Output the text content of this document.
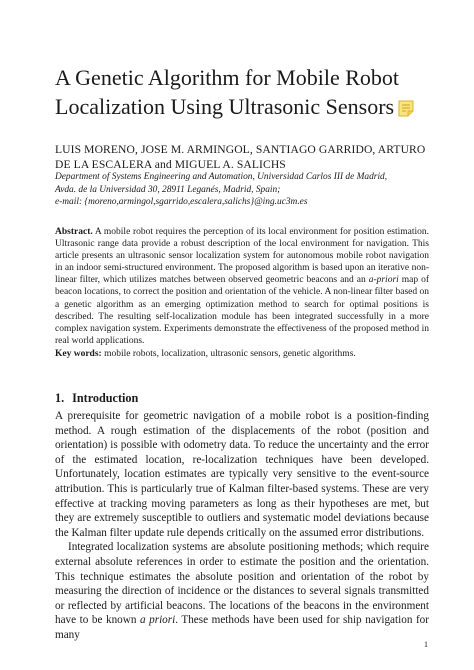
A Genetic Algorithm for Mobile Robot Localization Using Ultrasonic Sensors
LUIS MORENO, JOSE M. ARMINGOL, SANTIAGO GARRIDO, ARTURO DE LA ESCALERA and MIGUEL A. SALICHS
Department of Systems Engineering and Automation, Universidad Carlos III de Madrid,
Avda. de la Universidad 30, 28911 Leganés, Madrid, Spain;
e-mail: {moreno,armingol,sgarrido,escalera,salichs}@ing.uc3m.es

Abstract. A mobile robot requires the perception of its local environment for position estimation. Ultrasonic range data provide a robust description of the local environment for navigation. This article presents an ultrasonic sensor localization system for autonomous mobile robot navigation in an indoor semi-structured environment. The proposed algorithm is based upon an iterative non-linear filter, which utilizes matches between observed geometric beacons and an a-priori map of beacon locations, to correct the position and orientation of the vehicle. A non-linear filter based on a genetic algorithm as an emerging optimization method to search for optimal positions is described. The resulting self-localization module has been integrated successfully in a more complex navigation system. Experiments demonstrate the effectiveness of the proposed method in real world applications.

Key words: mobile robots, localization, ultrasonic sensors, genetic algorithms.
1. Introduction

A prerequisite for geometric navigation of a mobile robot is a position-finding method. A rough estimation of the displacements of the robot (position and orientation) is possible with odometry data. To reduce the uncertainty and the error of the estimated location, re-localization techniques have been developed. Unfortunately, location estimates are typically very sensitive to the event-source attribution. This is particularly true of Kalman filter-based systems. These are very effective at tracking moving parameters as long as their hypotheses are met, but they are extremely susceptible to outliers and systematic model deviations because the Kalman filter update rule depends critically on the assumed error distributions.

Integrated localization systems are absolute positioning methods; which require external absolute references in order to estimate the position and the orientation. This technique estimates the absolute position and orientation of the robot by measuring the direction of incidence or the distances to several signals transmitted or reflected by artificial beacons. The locations of the beacons in the environment have to be known a priori. These methods have been used for ship navigation for many

1
